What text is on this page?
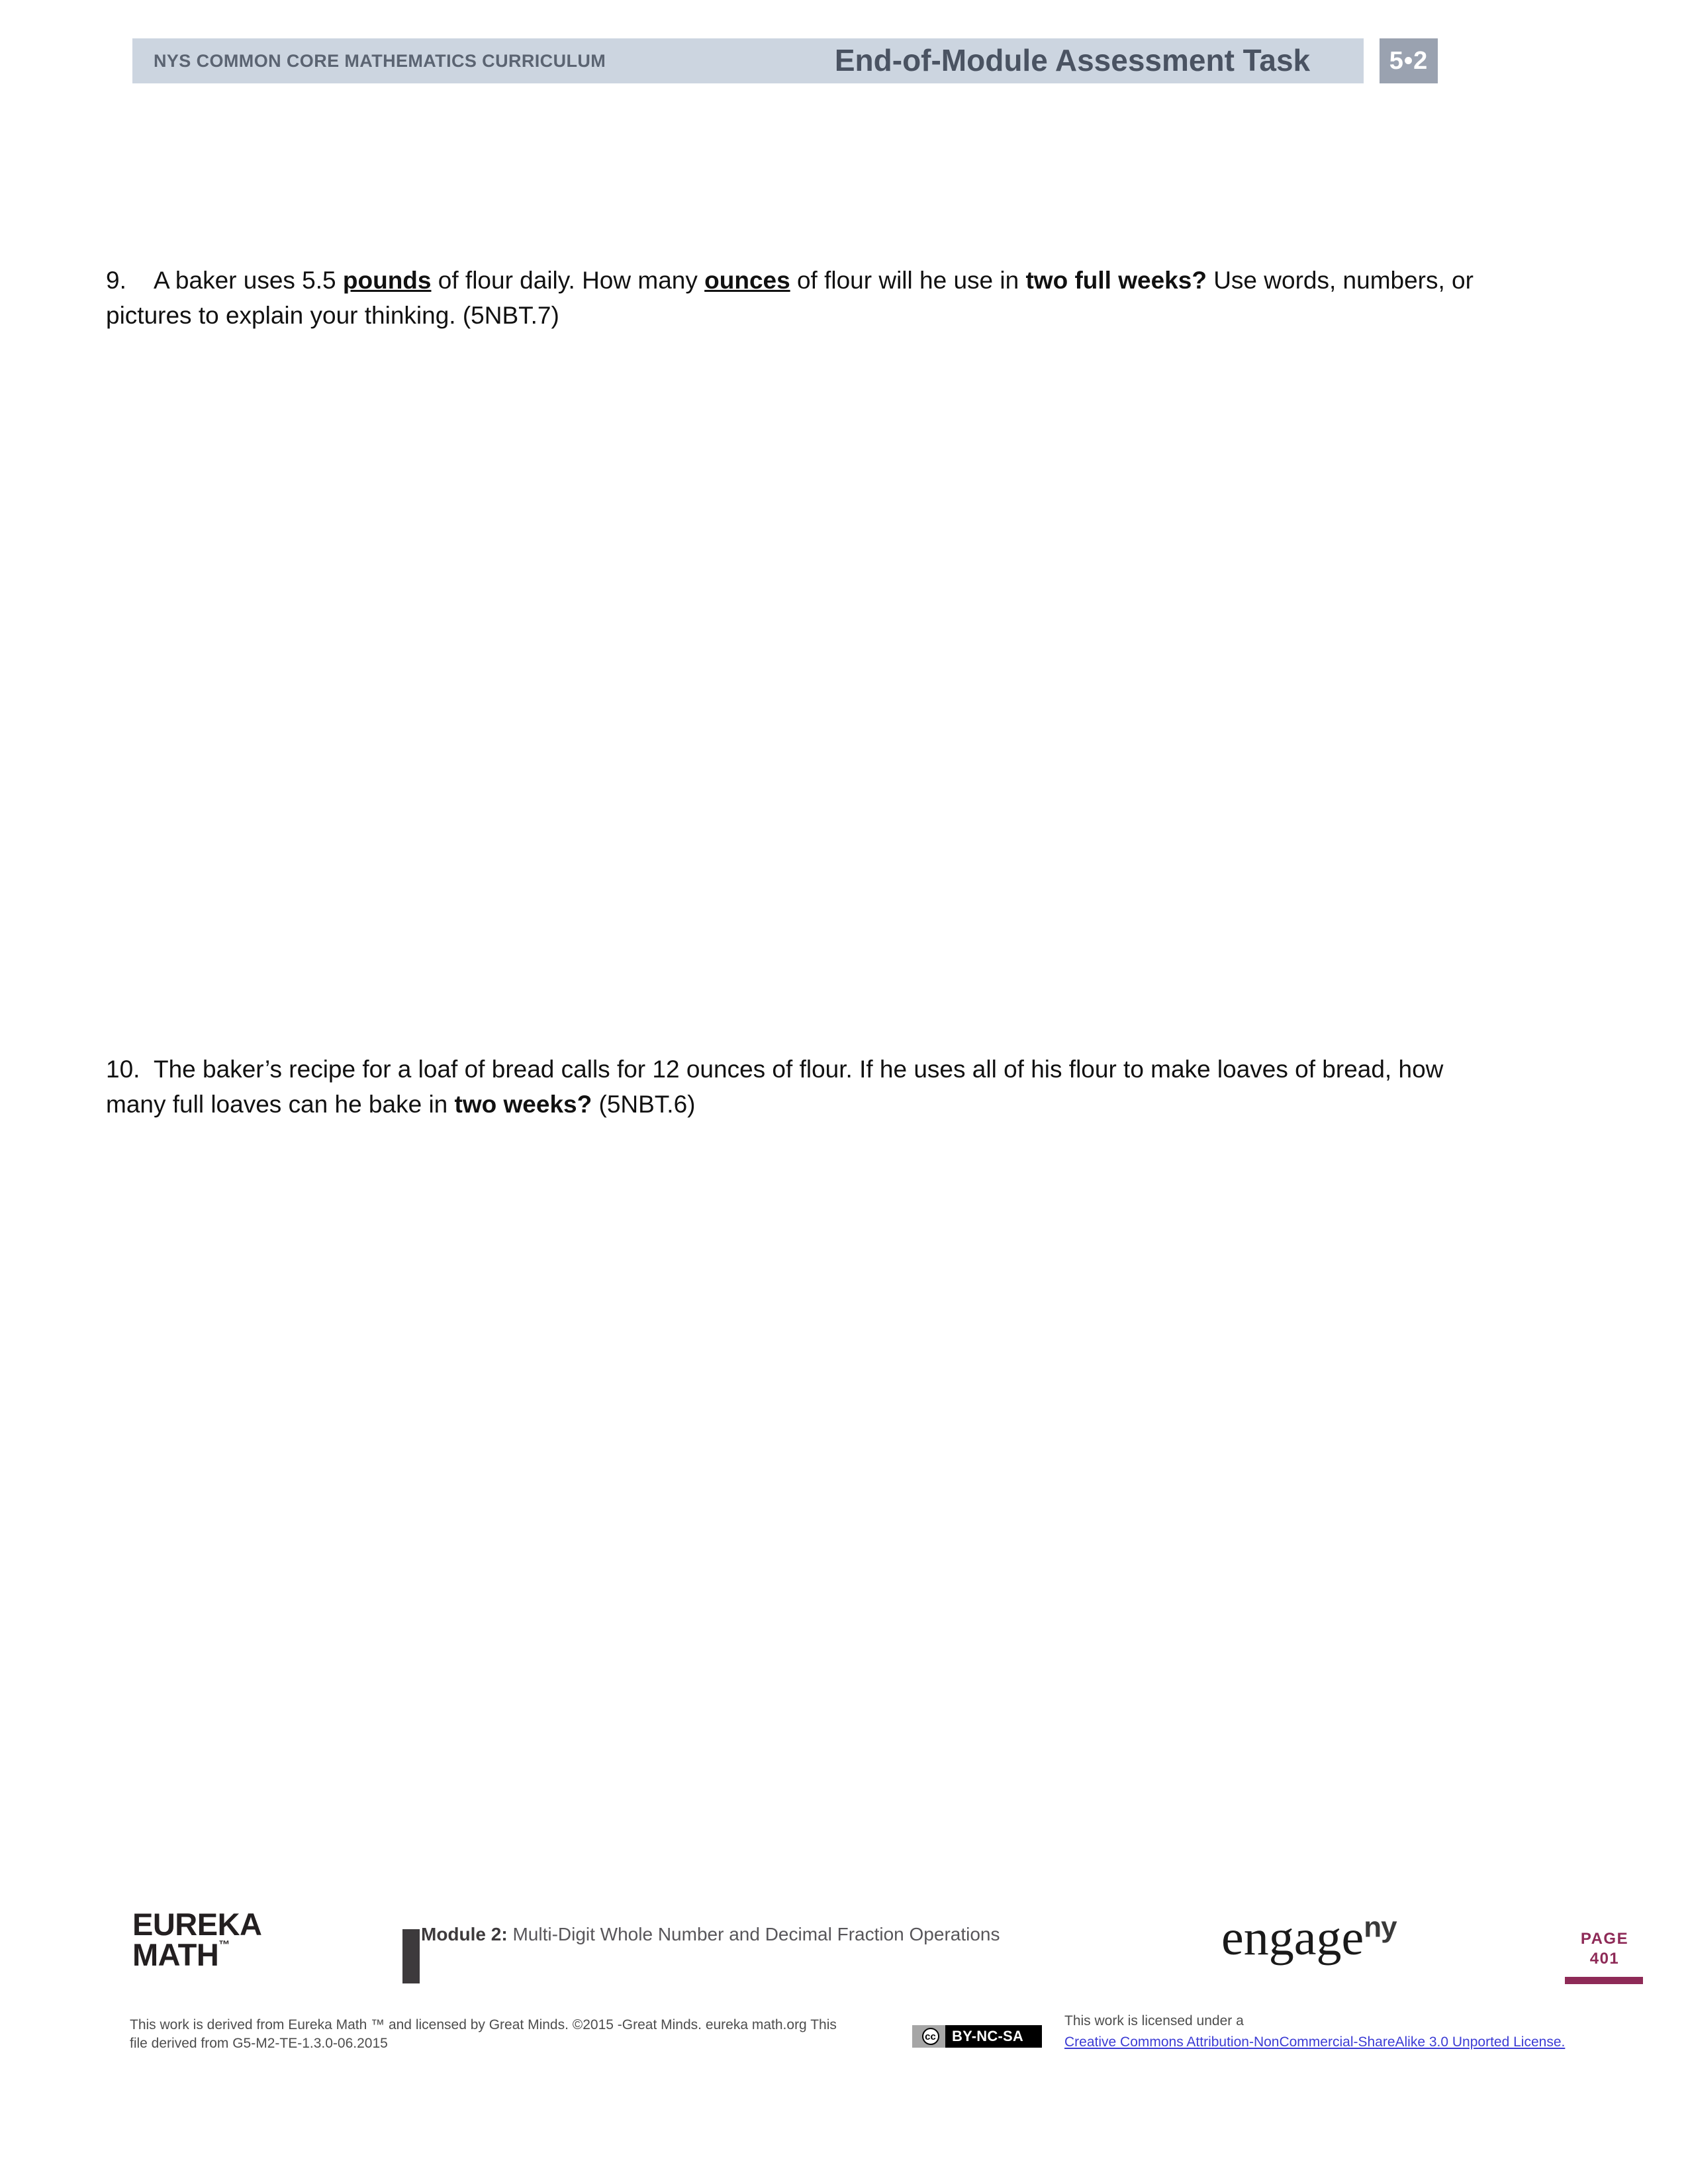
NYS COMMON CORE MATHEMATICS CURRICULUM	End-of-Module Assessment Task	5•2
9. A baker uses 5.5 pounds of flour daily. How many ounces of flour will he use in two full weeks? Use words, numbers, or pictures to explain your thinking. (5NBT.7)
10. The baker’s recipe for a loaf of bread calls for 12 ounces of flour. If he uses all of his flour to make loaves of bread, how many full loaves can he bake in two weeks? (5NBT.6)
EUREKA
MATH™
Module 2: Multi-Digit Whole Number and Decimal Fraction Operations	engage$^{ny}$	PAGE
401
This work is derived from Eureka Math ™ and licensed by Great Minds. ©2015 -Great Minds. eureka math.org This file derived from G5-M2-TE-1.3.0-06.2015	cc	BY-NC-SA
This work is licensed under a
Creative Commons Attribution-NonCommercial-ShareAlike 3.0 Unported License.
